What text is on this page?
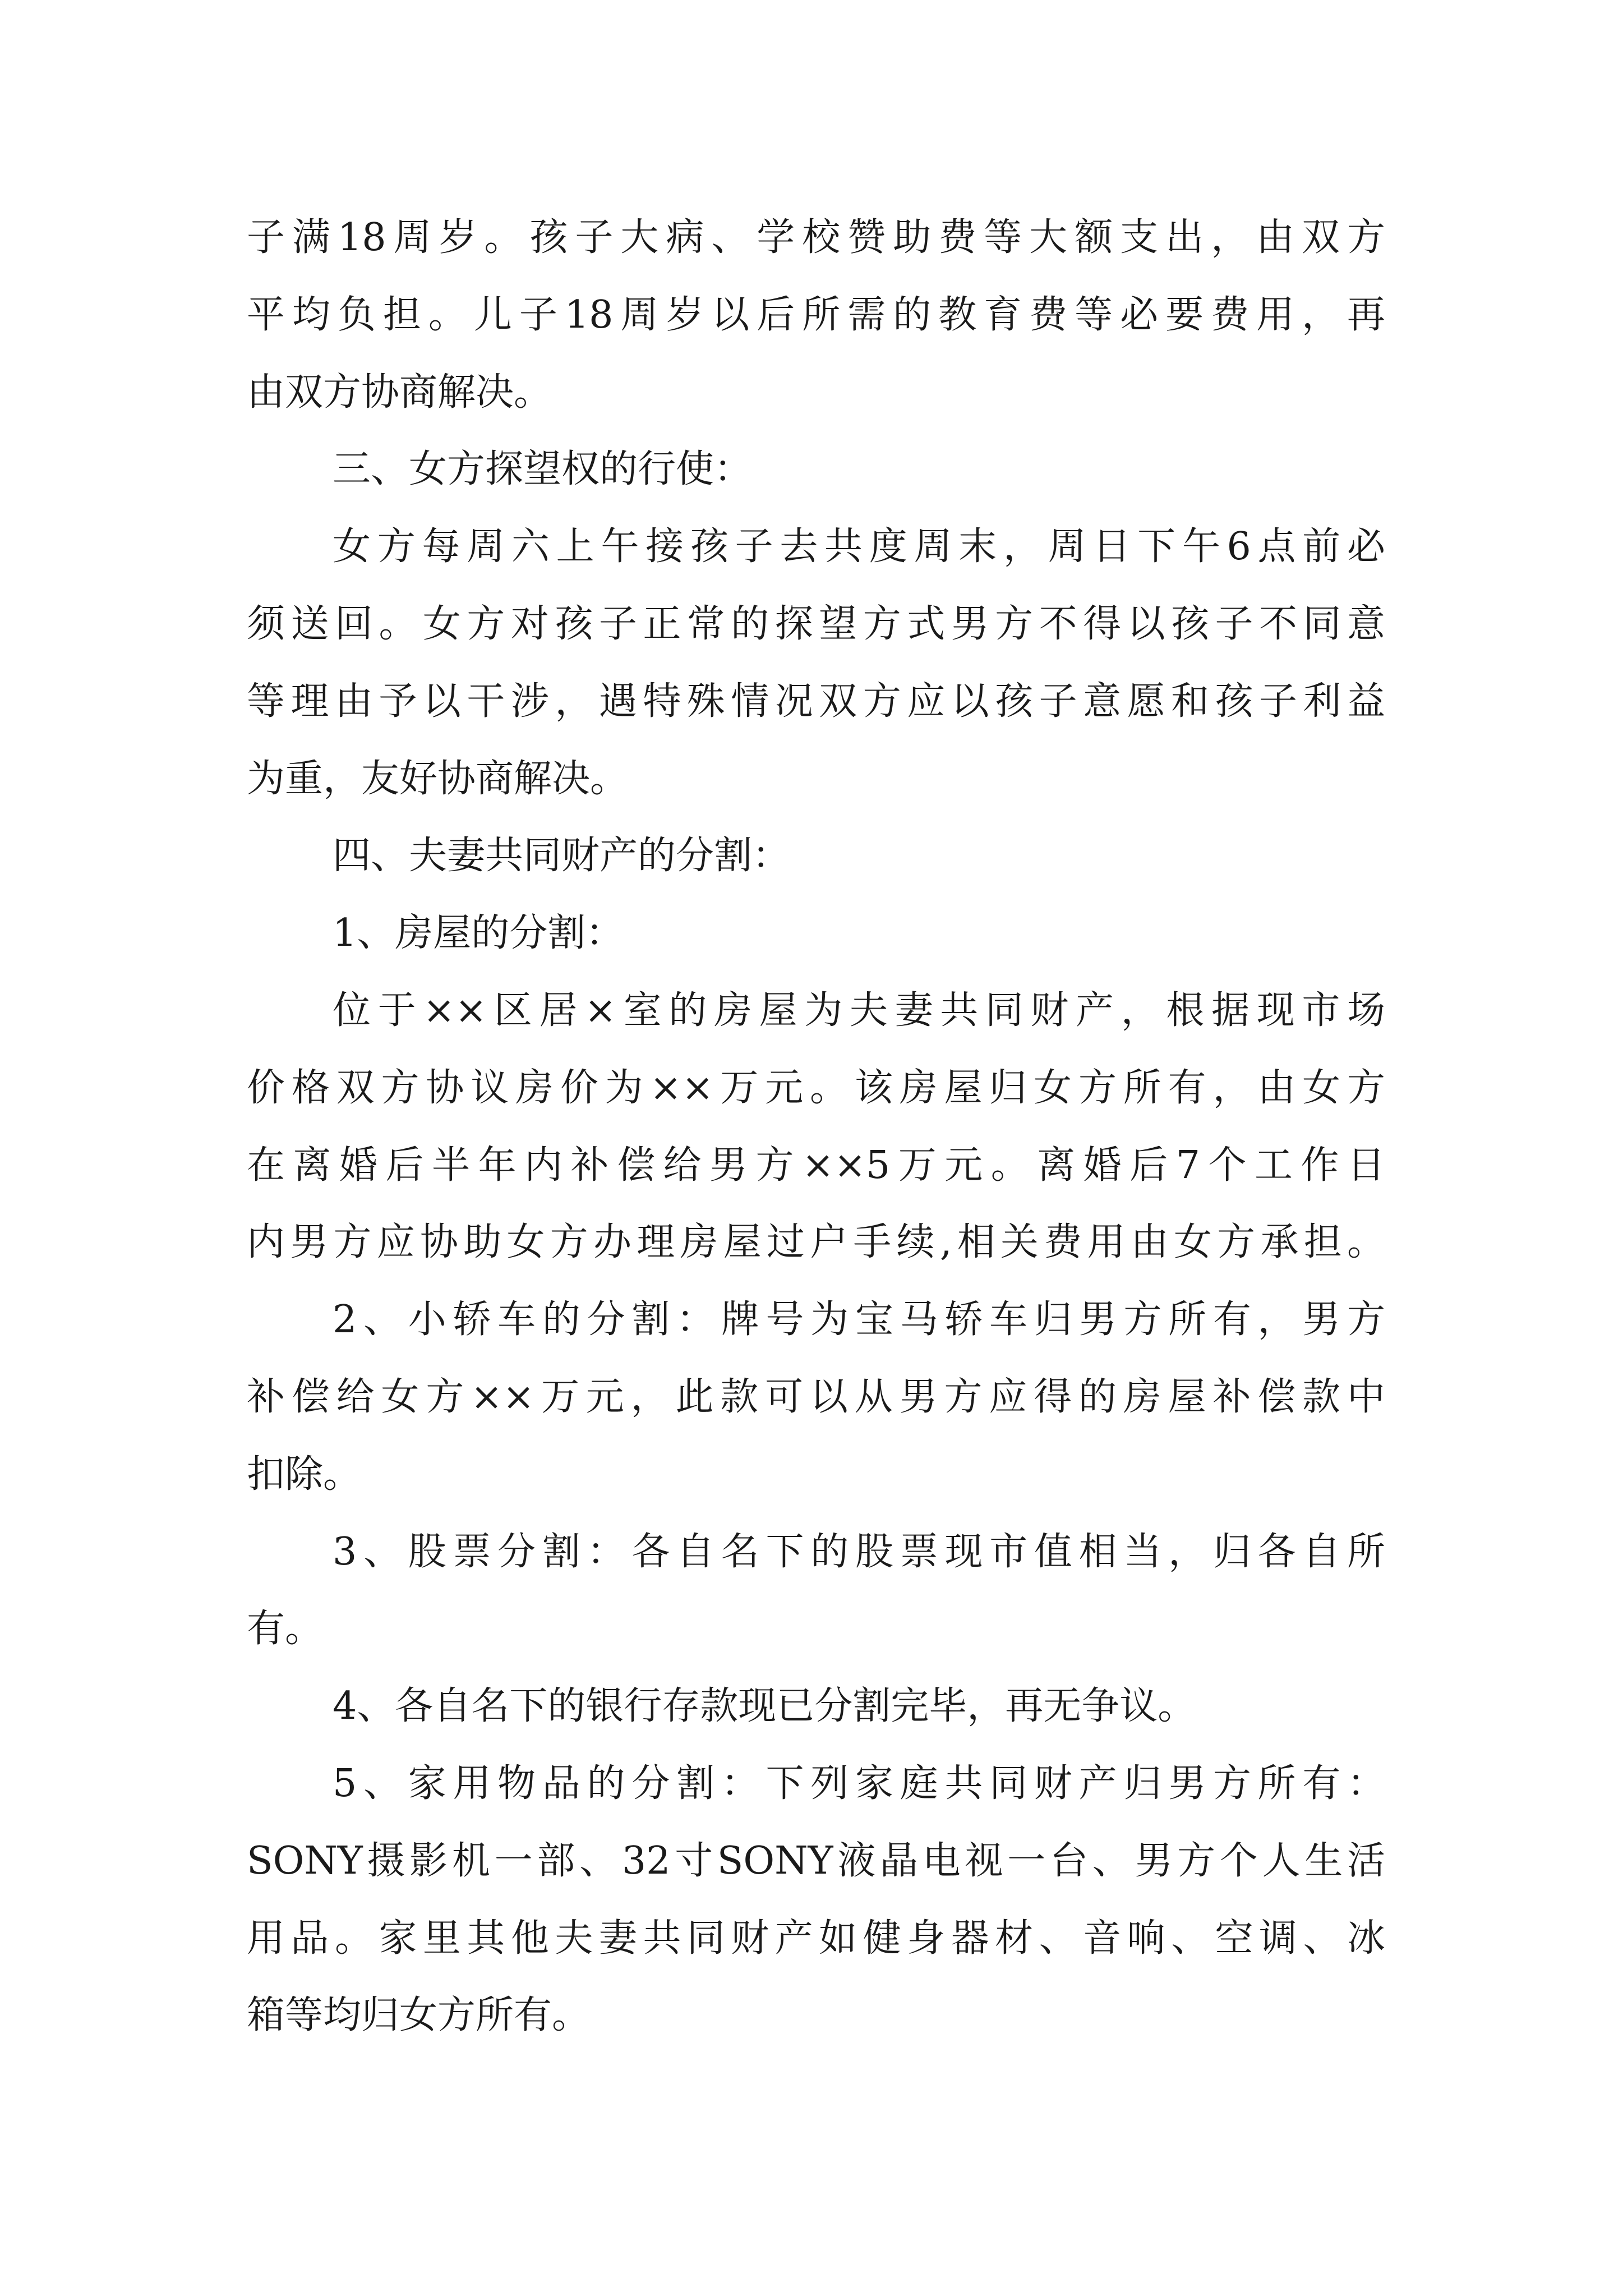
子满18周岁。孩子大病、学校赞助费等大额支出，由双方
平均负担。儿子18周岁以后所需的教育费等必要费用，再
由双方协商解决。
三、女方探望权的行使：
女方每周六上午接孩子去共度周末，周日下午6点前必
须送回。女方对孩子正常的探望方式男方不得以孩子不同意
等理由予以干涉，遇特殊情况双方应以孩子意愿和孩子利益
为重，友好协商解决。
四、夫妻共同财产的分割：
1、房屋的分割：
位于××区居×室的房屋为夫妻共同财产，根据现市场
价格双方协议房价为××万元。该房屋归女方所有，由女方
在离婚后半年内补偿给男方××5万元。离婚后7个工作日
内男方应协助女方办理房屋过户手续,相关费用由女方承担。
2、小轿车的分割：牌号为宝马轿车归男方所有，男方
补偿给女方××万元，此款可以从男方应得的房屋补偿款中
扣除。
3、股票分割：各自名下的股票现市值相当，归各自所
有。
4、各自名下的银行存款现已分割完毕，再无争议。
5、家用物品的分割：下列家庭共同财产归男方所有：
SONY摄影机一部、32寸SONY液晶电视一台、男方个人生活
用品。家里其他夫妻共同财产如健身器材、音响、空调、冰
箱等均归女方所有。
